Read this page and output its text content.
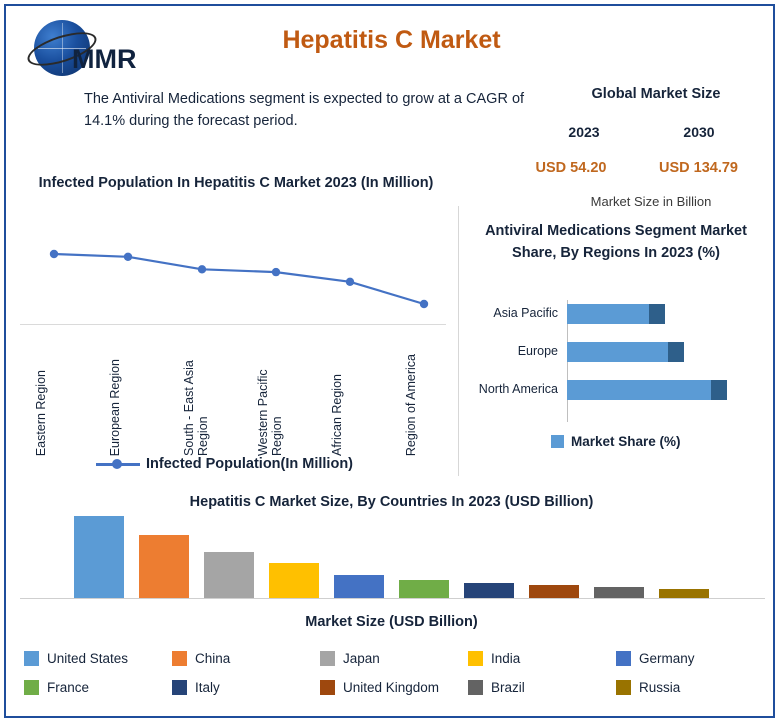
MMR
Hepatitis C Market
The Antiviral Medications segment is expected to grow at a CAGR of 14.1% during the forecast period.
Global Market Size
2023	2030
USD 54.20	USD 134.79
Market Size in Billion
Infected Population In Hepatitis C Market 2023 (In Million)
Eastern Region	European Region	South - East Asia Region	Western Pacific Region	African Region	Region of America
Infected Population(In Million)
Antiviral Medications Segment Market Share, By Regions In 2023 (%)
Asia Pacific
Europe
North America
Market Share (%)
Hepatitis C Market Size, By Countries In 2023 (USD Billion)
Market Size (USD Billion)
United States	China	Japan	India	Germany
France	Italy	United Kingdom	Brazil	Russia
